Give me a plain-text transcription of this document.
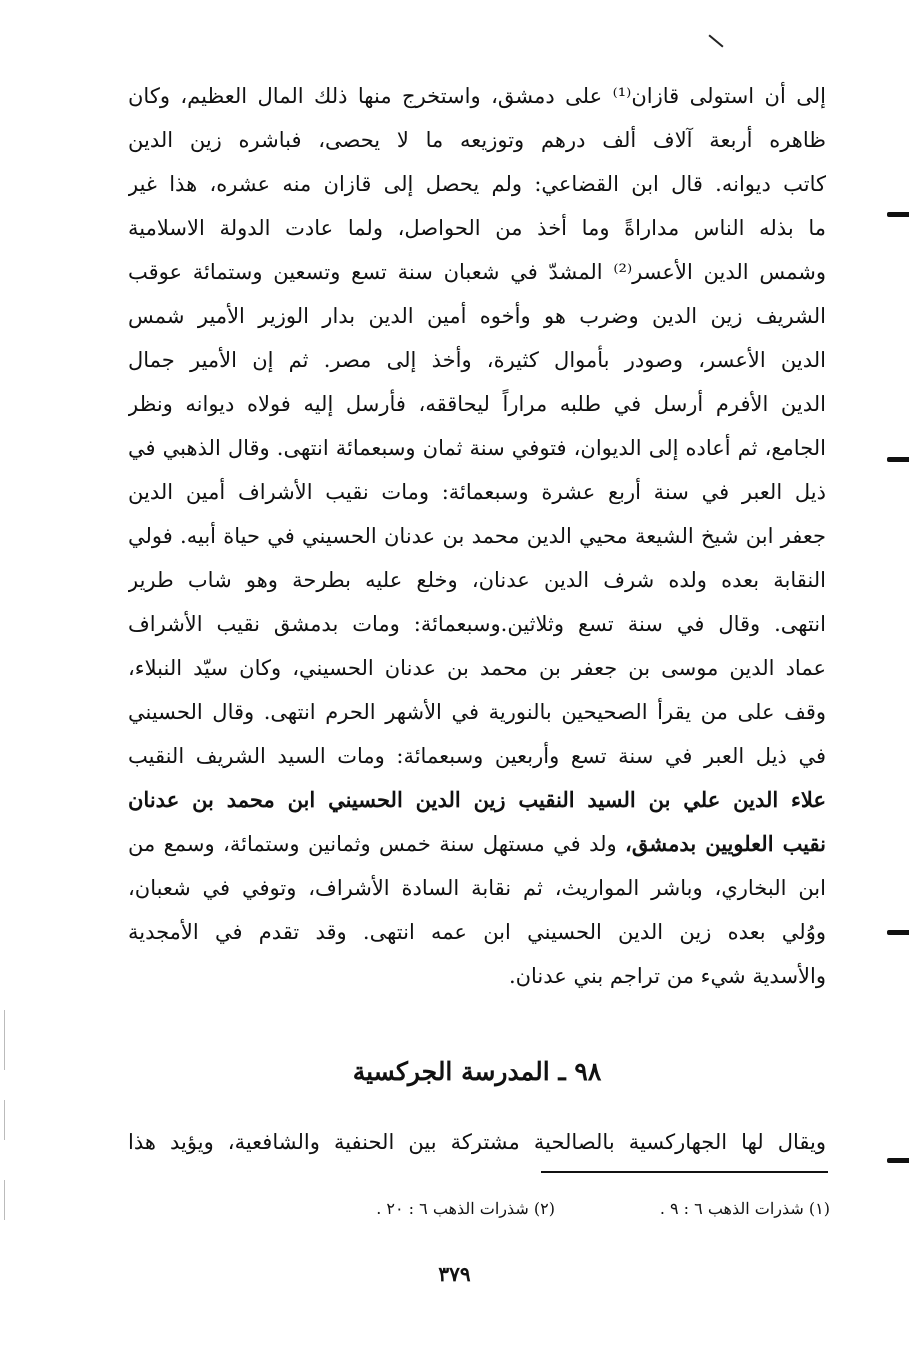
إلى أن استولى قازان⁽¹⁾ على دمشق، واستخرج منها ذلك المال العظيم، وكان
ظاهره أربعة آلاف ألف درهم وتوزيعه ما لا يحصى، فباشره زين الدين
كاتب ديوانه. قال ابن القضاعي: ولم يحصل إلى قازان منه عشره، هذا غير
ما بذله الناس مداراةً وما أخذ من الحواصل، ولما عادت الدولة الاسلامية
وشمس الدين الأعسر⁽²⁾ المشدّ في شعبان سنة تسع وتسعين وستمائة عوقب
الشريف زين الدين وضرب هو وأخوه أمين الدين بدار الوزير الأمير شمس
الدين الأعسر، وصودر بأموال كثيرة، وأخذ إلى مصر. ثم إن الأمير جمال
الدين الأفرم أرسل في طلبه مراراً ليحاققه، فأرسل إليه فولاه ديوانه ونظر
الجامع، ثم أعاده إلى الديوان، فتوفي سنة ثمان وسبعمائة انتهى. وقال الذهبي في
ذيل العبر في سنة أربع عشرة وسبعمائة: ومات نقيب الأشراف أمين الدين
جعفر ابن شيخ الشيعة محيي الدين محمد بن عدنان الحسيني في حياة أبيه. فولي
النقابة بعده ولده شرف الدين عدنان، وخلع عليه بطرحة وهو شاب طرير
انتهى. وقال في سنة تسع وثلاثين.وسبعمائة: ومات بدمشق نقيب الأشراف
عماد الدين موسى بن جعفر بن محمد بن عدنان الحسيني، وكان سيّد النبلاء،
وقف على من يقرأ الصحيحين بالنورية في الأشهر الحرم انتهى. وقال الحسيني
في ذيل العبر في سنة تسع وأربعين وسبعمائة: ومات السيد الشريف النقيب
علاء الدين علي بن السيد النقيب زين الدين الحسيني ابن محمد بن عدنان
نقيب العلويين بدمشق، ولد في مستهل سنة خمس وثمانين وستمائة، وسمع من
ابن البخاري، وباشر المواريث، ثم نقابة السادة الأشراف، وتوفي في شعبان،
ووُلي بعده زين الدين الحسيني ابن عمه انتهى. وقد تقدم في الأمجدية
والأسدية شيء من تراجم بني عدنان.
٩٨ ـ المدرسة الجركسية
ويقال لها الجهاركسية بالصالحية مشتركة بين الحنفية والشافعية، ويؤيد هذا
(١) شذرات الذهب ٦ : ٩ .
(٢) شذرات الذهب ٦ : ٢٠ .
٣٧٩
